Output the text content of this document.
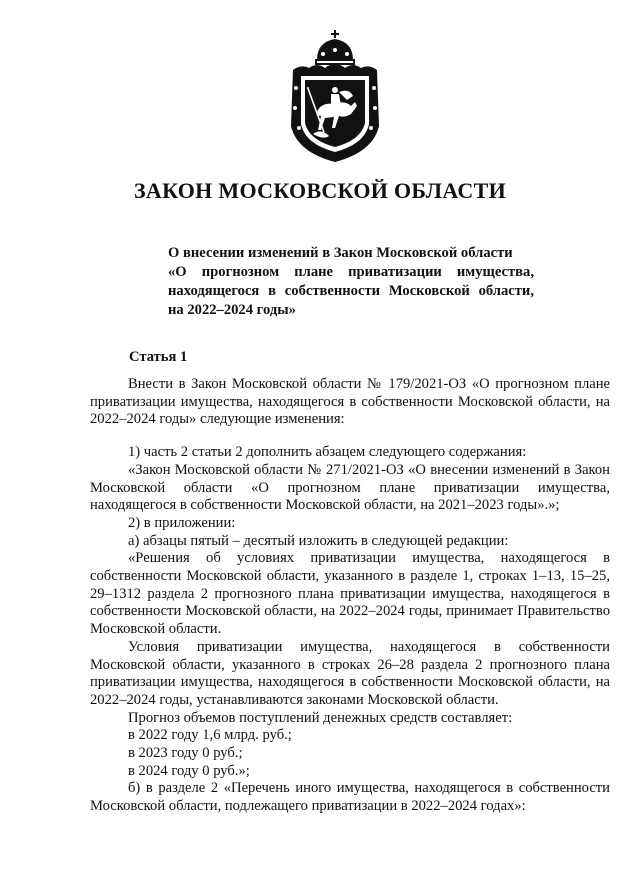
ЗАКОН МОСКОВСКОЙ ОБЛАСТИ
О внесении изменений в Закон Московской области
«О прогнозном плане приватизации имущества,
находящегося в собственности Московской области,
на 2022–2024 годы»
Статья 1

Внести в Закон Московской области № 179/2021-ОЗ «О прогнозном плане приватизации имущества, находящегося в собственности Московской области, на 2022–2024 годы» следующие изменения:

1) часть 2 статьи 2 дополнить абзацем следующего содержания:

«Закон Московской области № 271/2021-ОЗ «О внесении изменений в Закон Московской области «О прогнозном плане приватизации имущества, находящегося в собственности Московской области, на 2021–2023 годы».»;

2) в приложении:

а) абзацы пятый – десятый изложить в следующей редакции:

«Решения об условиях приватизации имущества, находящегося в собственности Московской области, указанного в разделе 1, строках 1–13, 15–25, 29–1312 раздела 2 прогнозного плана приватизации имущества, находящегося в собственности Московской области, на 2022–2024 годы, принимает Правительство Московской области.

Условия приватизации имущества, находящегося в собственности Московской области, указанного в строках 26–28 раздела 2 прогнозного плана приватизации имущества, находящегося в собственности Московской области, на 2022–2024 годы, устанавливаются законами Московской области.

Прогноз объемов поступлений денежных средств составляет:

в 2022 году 1,6 млрд. руб.;

в 2023 году 0 руб.;

в 2024 году 0 руб.»;

б) в разделе 2 «Перечень иного имущества, находящегося в собственности Московской области, подлежащего приватизации в 2022–2024 годах»:
